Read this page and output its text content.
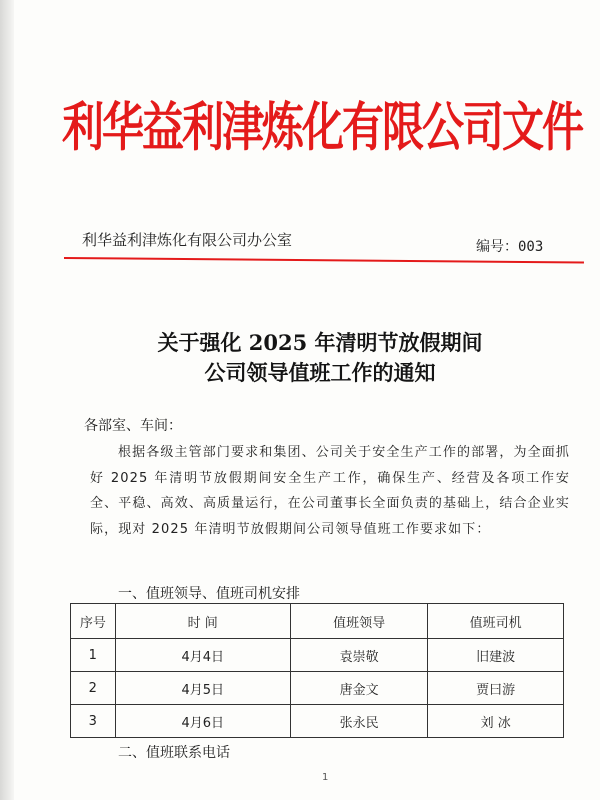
利华益利津炼化有限公司文件
利华益利津炼化有限公司办公室	编号：003
关于强化 2025 年清明节放假期间
公司领导值班工作的通知
各部室、车间：
根据各级主管部门要求和集团、公司关于安全生产工作的部署，为全面抓好 2025 年清明节放假期间安全生产工作，确保生产、经营及各项工作安全、平稳、高效、高质量运行，在公司董事长全面负责的基础上，结合企业实际，现对 2025 年清明节放假期间公司领导值班工作要求如下：
一、值班领导、值班司机安排
序号	时 间	值班领导	值班司机
1	4月4日	袁崇敬	旧建波
2	4月5日	唐金文	贾曰游
3	4月6日	张永民	刘 冰
二、值班联系电话
1
